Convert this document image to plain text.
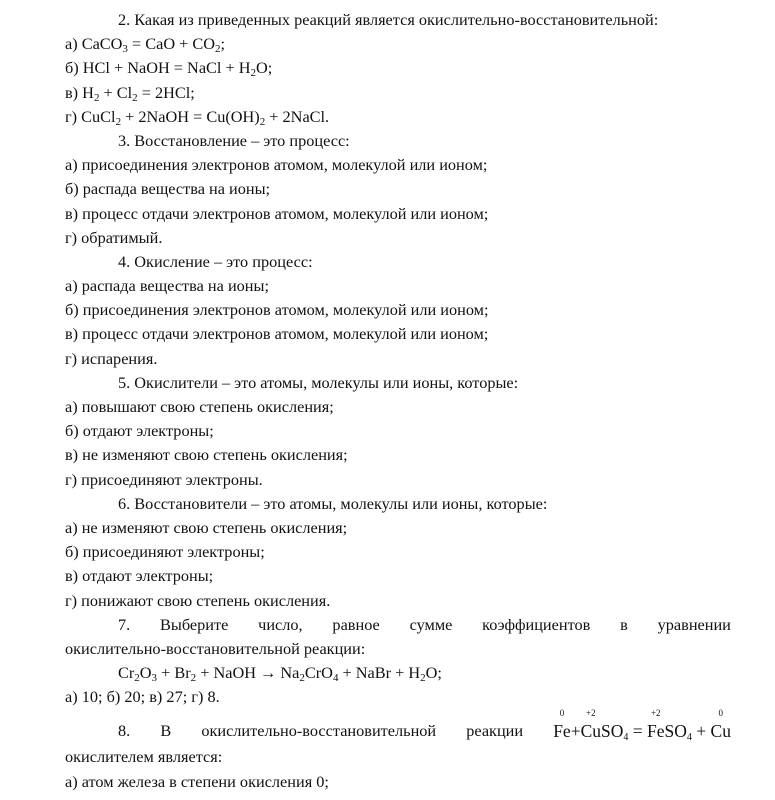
2. Какая из приведенных реакций является окислительно-восстановительной:
а) CaCO$_3$ = CaO + $CO_2$;
б) HCl + NaOH = NaCl + $H_2O$;
в) $H_2 + Cl_2 = 2HCl$;
г) CuCl$_2$ + 2NaOH = $Cu(OH)_2$ + 2NaCl.
3. Восстановление – это процесс:
а) присоединения электронов атомом, молекулой или ионом;
б) распада вещества на ионы;
в) процесс отдачи электронов атомом, молекулой или ионом;
г) обратимый.
4. Окисление – это процесс:
а) распада вещества на ионы;
б) присоединения электронов атомом, молекулой или ионом;
в) процесс отдачи электронов атомом, молекулой или ионом;
г) испарения.
5. Окислители – это атомы, молекулы или ионы, которые:
а) повышают свою степень окисления;
б) отдают электроны;
в) не изменяют свою степень окисления;
г) присоединяют электроны.
6. Восстановители – это атомы, молекулы или ионы, которые:
а) не изменяют свою степень окисления;
б) присоединяют электроны;
в) отдают электроны;
г) понижают свою степень окисления.
7. Выберите число, равное сумме коэффициентов в уравнении
окислительно-восстановительной реакции:
$Cr_2O_3 + Br_2$ + NaOH → $Na_2CrO_4$ + NaBr + $H_2O$;
а) 10; б) 20; в) 27; г) 8.
8. В окислительно-восстановительной реакции Fe
0
+Cu
+2
$SO_4 = Fe$
+2
$SO_4 + Cu$
0
окислителем является:
а) атом железа в степени окисления 0;
